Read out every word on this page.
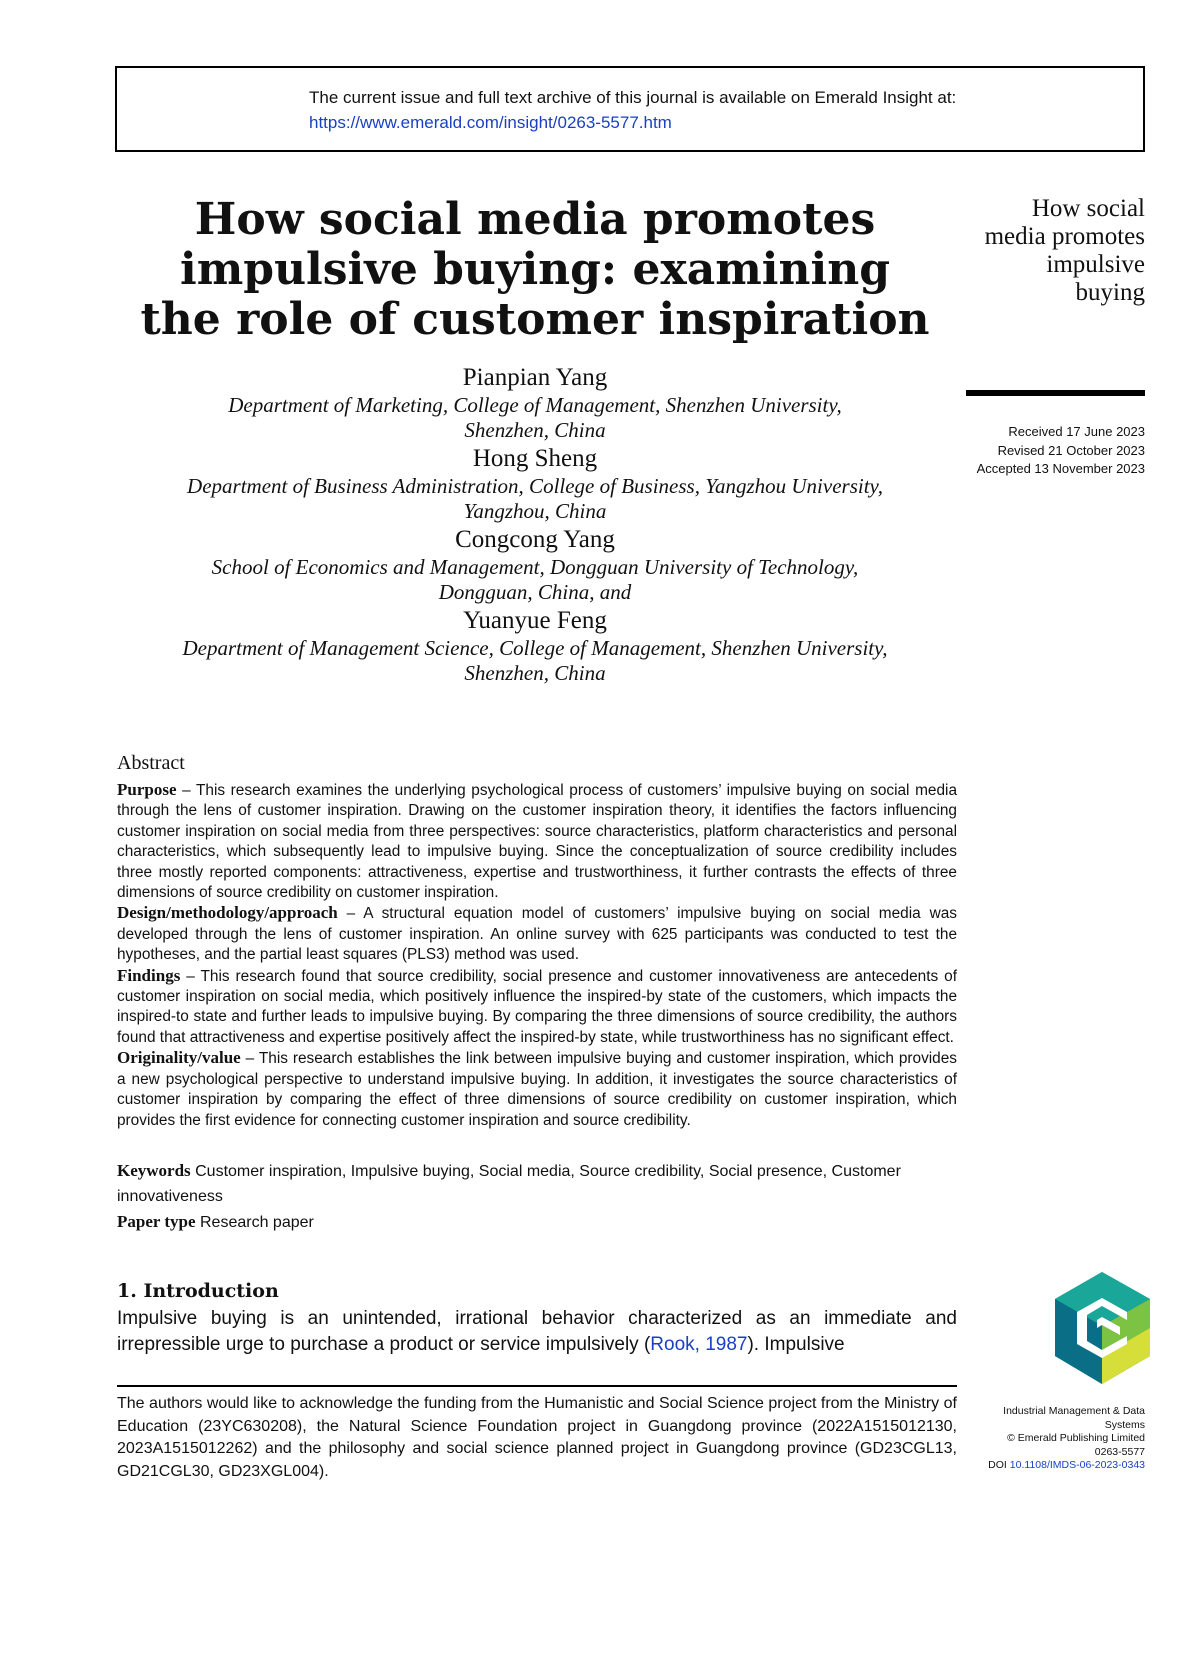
The current issue and full text archive of this journal is available on Emerald Insight at:
https://www.emerald.com/insight/0263-5577.htm
How social media promotes
impulsive buying: examining
the role of customer inspiration
How social
media promotes
impulsive
buying
Received 17 June 2023
Revised 21 October 2023
Accepted 13 November 2023
Pianpian Yang
Department of Marketing, College of Management, Shenzhen University,
Shenzhen, China
Hong Sheng
Department of Business Administration, College of Business, Yangzhou University,
Yangzhou, China
Congcong Yang
School of Economics and Management, Dongguan University of Technology,
Dongguan, China, and
Yuanyue Feng
Department of Management Science, College of Management, Shenzhen University,
Shenzhen, China
Abstract

Purpose – This research examines the underlying psychological process of customers’ impulsive buying on social media through the lens of customer inspiration. Drawing on the customer inspiration theory, it identifies the factors influencing customer inspiration on social media from three perspectives: source characteristics, platform characteristics and personal characteristics, which subsequently lead to impulsive buying. Since the conceptualization of source credibility includes three mostly reported components: attractiveness, expertise and trustworthiness, it further contrasts the effects of three dimensions of source credibility on customer inspiration.

Design/methodology/approach – A structural equation model of customers’ impulsive buying on social media was developed through the lens of customer inspiration. An online survey with 625 participants was conducted to test the hypotheses, and the partial least squares (PLS3) method was used.

Findings – This research found that source credibility, social presence and customer innovativeness are antecedents of customer inspiration on social media, which positively influence the inspired-by state of the customers, which impacts the inspired-to state and further leads to impulsive buying. By comparing the three dimensions of source credibility, the authors found that attractiveness and expertise positively affect the inspired-by state, while trustworthiness has no significant effect.

Originality/value – This research establishes the link between impulsive buying and customer inspiration, which provides a new psychological perspective to understand impulsive buying. In addition, it investigates the source characteristics of customer inspiration by comparing the effect of three dimensions of source credibility on customer inspiration, which provides the first evidence for connecting customer inspiration and source credibility.

Keywords Customer inspiration, Impulsive buying, Social media, Source credibility, Social presence, Customer innovativeness
Paper type Research paper
1. Introduction

Impulsive buying is an unintended, irrational behavior characterized as an immediate and irrepressible urge to purchase a product or service impulsively (Rook, 1987). Impulsive

The authors would like to acknowledge the funding from the Humanistic and Social Science project from the Ministry of Education (23YC630208), the Natural Science Foundation project in Guangdong province (2022A1515012130, 2023A1515012262) and the philosophy and social science planned project in Guangdong province (GD23CGL13, GD21CGL30, GD23XGL004).

Industrial Management & Data
Systems
© Emerald Publishing Limited
0263-5577
DOI 10.1108/IMDS-06-2023-0343
